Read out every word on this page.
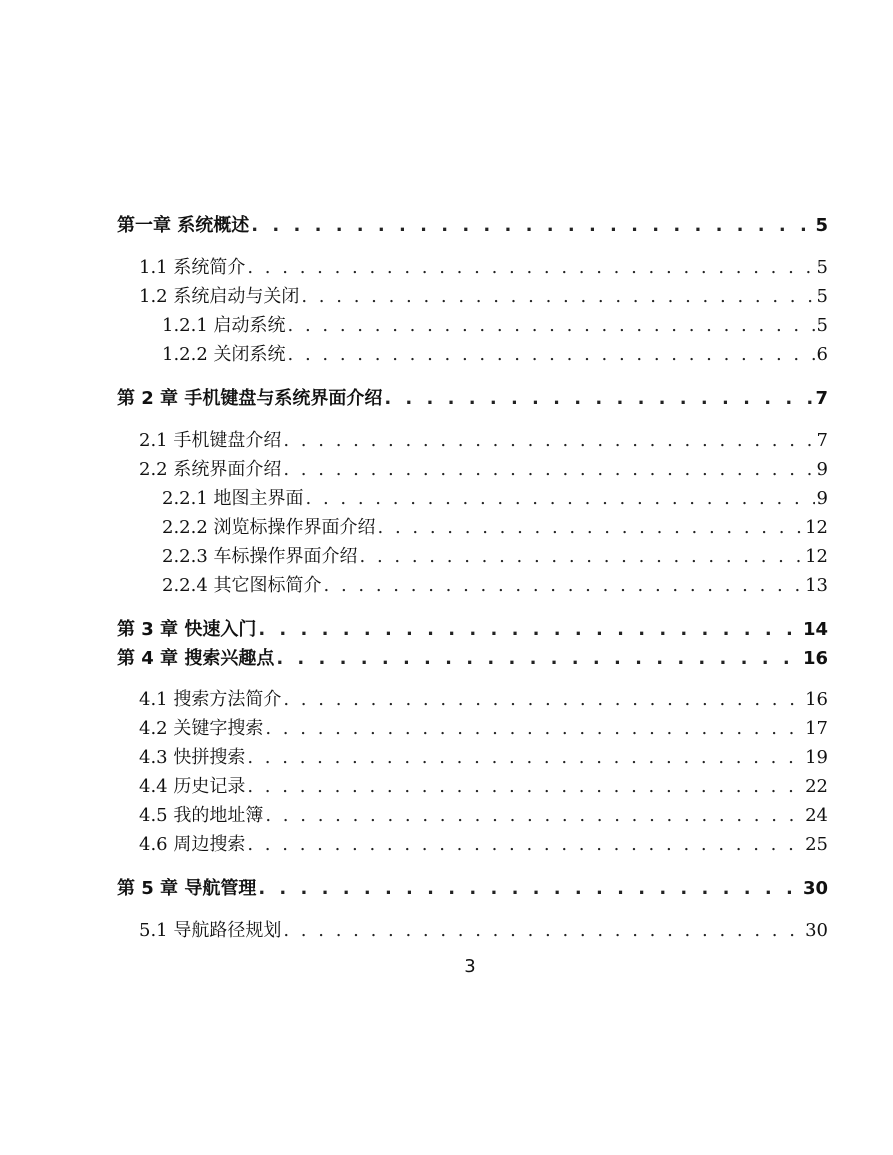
第一章 系统概述 . . .	5
1.1 系统简介 . . .	5
1.2 系统启动与关闭 . . .	5
1.2.1 启动系统 . . .	5
1.2.2 关闭系统 . . .	6
第 2 章 手机键盘与系统界面介绍 . . .	7
2.1 手机键盘介绍 . . .	7
2.2 系统界面介绍 . . .	9
2.2.1 地图主界面 . . .	9
2.2.2 浏览标操作界面介绍 . . .	12
2.2.3 车标操作界面介绍 . . .	12
2.2.4 其它图标简介 . . .	13
第 3 章 快速入门 . . .	14
第 4 章 搜索兴趣点 . . .	16
4.1 搜索方法简介 . . .	16
4.2 关键字搜索 . . .	17
4.3 快拼搜索 . . .	19
4.4 历史记录 . . .	22
4.5 我的地址簿 . . .	24
4.6 周边搜索 . . .	25
第 5 章 导航管理 . . .	30
5.1 导航路径规划 . . .	30
3
